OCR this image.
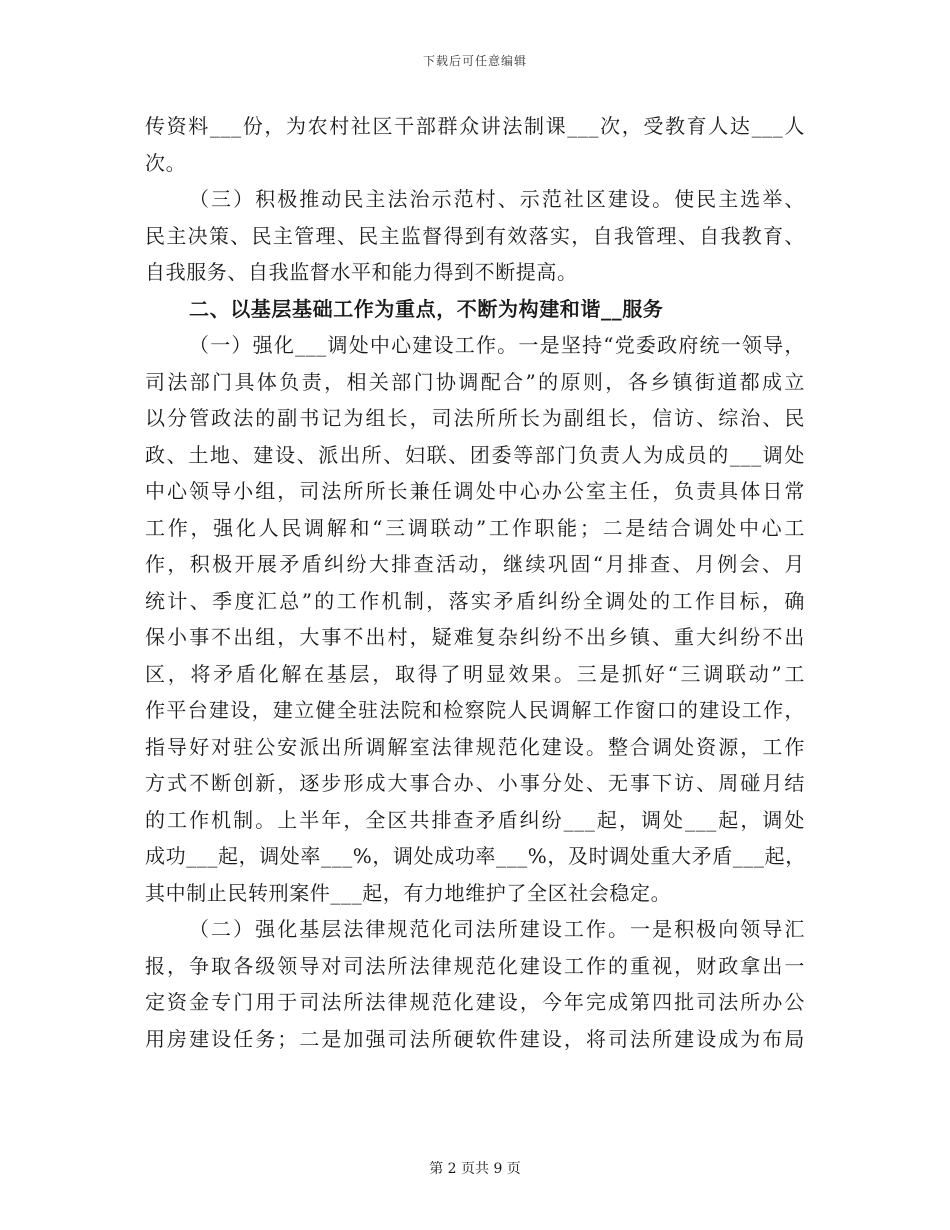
下载后可任意编辑
传资料___份，为农村社区干部群众讲法制课___次，受教育人达___人
次。
（三）积极推动民主法治示范村、示范社区建设。使民主选举、
民主决策、民主管理、民主监督得到有效落实，自我管理、自我教育、
自我服务、自我监督水平和能力得到不断提高。
二、以基层基础工作为重点，不断为构建和谐__服务
（一）强化___调处中心建设工作。一是坚持“党委政府统一领导，
司法部门具体负责，相关部门协调配合”的原则，各乡镇街道都成立
以分管政法的副书记为组长，司法所所长为副组长，信访、综治、民
政、土地、建设、派出所、妇联、团委等部门负责人为成员的___调处
中心领导小组，司法所所长兼任调处中心办公室主任，负责具体日常
工作，强化人民调解和“三调联动”工作职能；二是结合调处中心工
作，积极开展矛盾纠纷大排查活动，继续巩固“月排查、月例会、月
统计、季度汇总”的工作机制，落实矛盾纠纷全调处的工作目标，确
保小事不出组，大事不出村，疑难复杂纠纷不出乡镇、重大纠纷不出
区，将矛盾化解在基层，取得了明显效果。三是抓好“三调联动”工
作平台建设，建立健全驻法院和检察院人民调解工作窗口的建设工作，
指导好对驻公安派出所调解室法律规范化建设。整合调处资源，工作
方式不断创新，逐步形成大事合办、小事分处、无事下访、周碰月结
的工作机制。上半年，全区共排查矛盾纠纷___起，调处___起，调处
成功___起，调处率___%，调处成功率___%，及时调处重大矛盾___起，
其中制止民转刑案件___起，有力地维护了全区社会稳定。
（二）强化基层法律规范化司法所建设工作。一是积极向领导汇
报，争取各级领导对司法所法律规范化建设工作的重视，财政拿出一
定资金专门用于司法所法律规范化建设，今年完成第四批司法所办公
用房建设任务；二是加强司法所硬软件建设，将司法所建设成为布局
第 2 页共 9 页
